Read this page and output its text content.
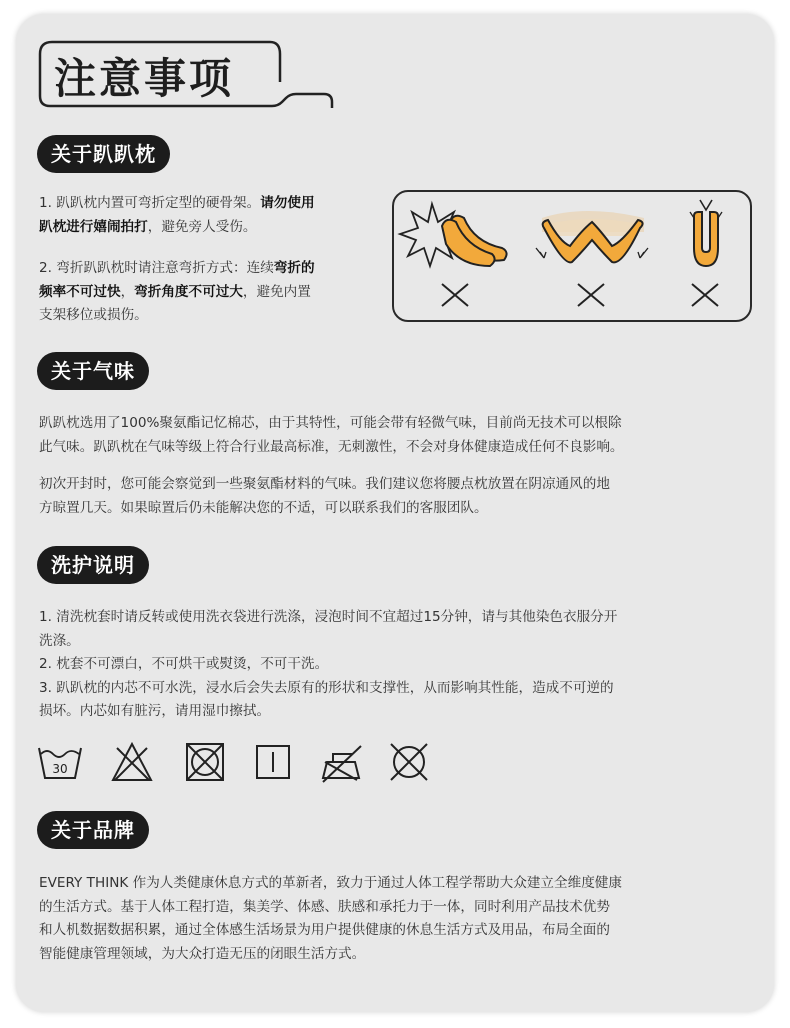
注意事项
关于趴趴枕

1. 趴趴枕内置可弯折定型的硬骨架。请勿使用
趴枕进行嬉闹拍打，避免旁人受伤。

2. 弯折趴趴枕时请注意弯折方式：连续弯折的
频率不可过快，弯折角度不可过大，避免内置
支架移位或损伤。

关于气味

趴趴枕选用了100%聚氨酯记忆棉芯，由于其特性，可能会带有轻微气味，目前尚无技术可以根除
此气味。趴趴枕在气味等级上符合行业最高标准，无刺激性，不会对身体健康造成任何不良影响。

初次开封时，您可能会察觉到一些聚氨酯材料的气味。我们建议您将腰点枕放置在阴凉通风的地
方晾置几天。如果晾置后仍未能解决您的不适，可以联系我们的客服团队。

洗护说明

1. 清洗枕套时请反转或使用洗衣袋进行洗涤，浸泡时间不宜超过15分钟，请与其他染色衣服分开
洗涤。
2. 枕套不可漂白，不可烘干或熨烫，不可干洗。
3. 趴趴枕的内芯不可水洗，浸水后会失去原有的形状和支撑性，从而影响其性能，造成不可逆的
损坏。内芯如有脏污，请用湿巾擦拭。

30
关于品牌

EVERY THINK 作为人类健康休息方式的革新者，致力于通过人体工程学帮助大众建立全维度健康
的生活方式。基于人体工程打造，集美学、体感、肤感和承托力于一体，同时利用产品技术优势
和人机数据数据积累，通过全体感生活场景为用户提供健康的休息生活方式及用品，布局全面的
智能健康管理领域，为大众打造无压的闭眼生活方式。
